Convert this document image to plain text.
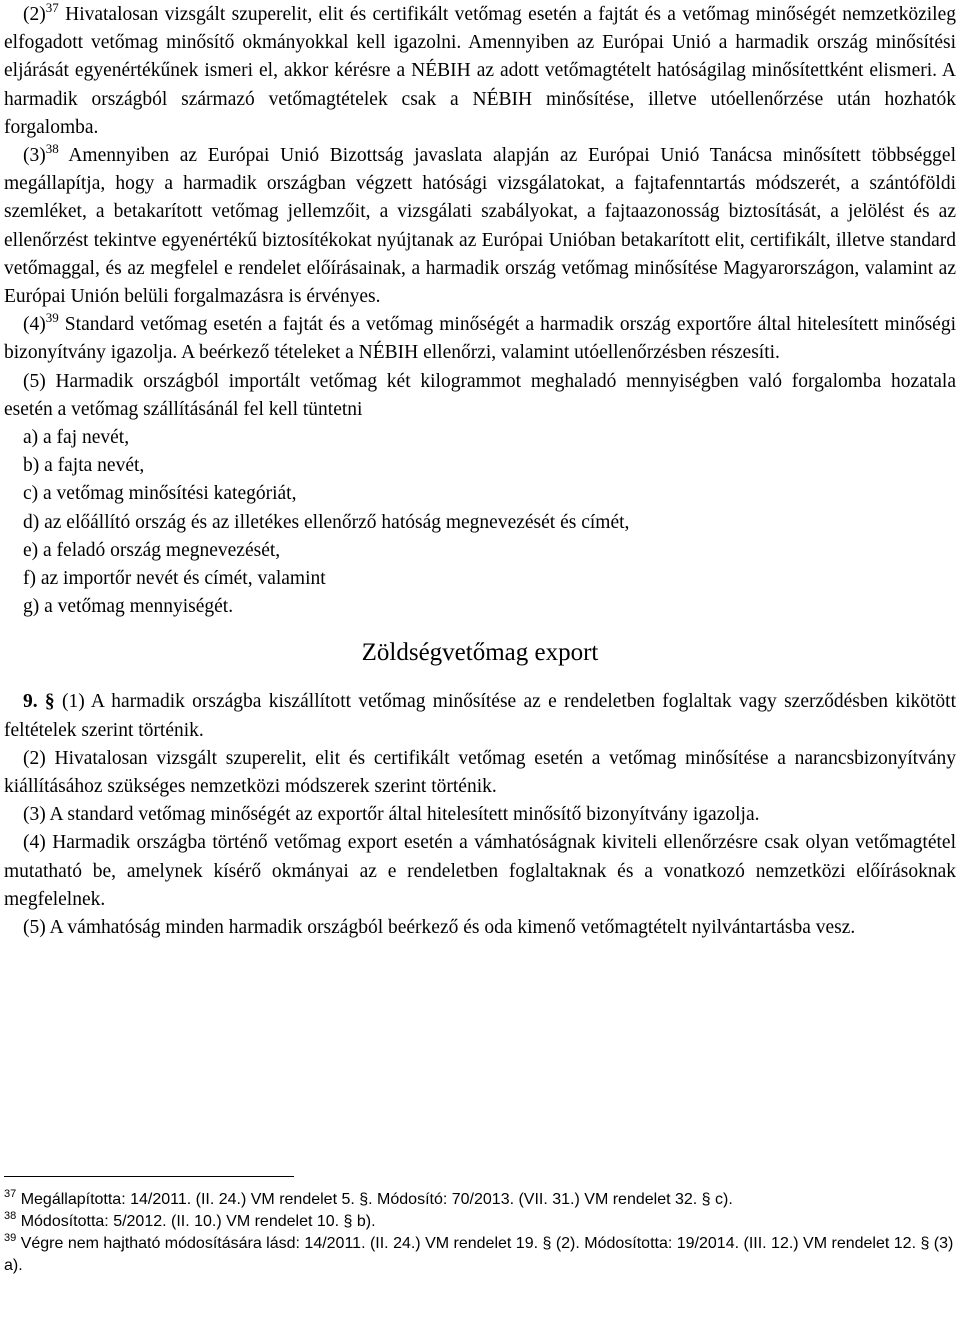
(2)$^{37}$ Hivatalosan vizsgált szuperelit, elit és certifikált vetőmag esetén a fajtát és a vetőmag minőségét nemzetközileg elfogadott vetőmag minősítő okmányokkal kell igazolni. Amennyiben az Európai Unió a harmadik ország minősítési eljárását egyenértékűnek ismeri el, akkor kérésre a NÉBIH az adott vetőmagtételt hatóságilag minősítettként elismeri. A harmadik országból származó vetőmagtételek csak a NÉBIH minősítése, illetve utóellenőrzése után hozhatók forgalomba.

(3)$^{38}$ Amennyiben az Európai Unió Bizottság javaslata alapján az Európai Unió Tanácsa minősített többséggel megállapítja, hogy a harmadik országban végzett hatósági vizsgálatokat, a fajtafenntartás módszerét, a szántóföldi szemléket, a betakarított vetőmag jellemzőit, a vizsgálati szabályokat, a fajtaazonosság biztosítását, a jelölést és az ellenőrzést tekintve egyenértékű biztosítékokat nyújtanak az Európai Unióban betakarított elit, certifikált, illetve standard vetőmaggal, és az megfelel e rendelet előírásainak, a harmadik ország vetőmag minősítése Magyarországon, valamint az Európai Unión belüli forgalmazásra is érvényes.

(4)$^{39}$ Standard vetőmag esetén a fajtát és a vetőmag minőségét a harmadik ország exportőre által hitelesített minőségi bizonyítvány igazolja. A beérkező tételeket a NÉBIH ellenőrzi, valamint utóellenőrzésben részesíti.

(5) Harmadik országból importált vetőmag két kilogrammot meghaladó mennyiségben való forgalomba hozatala esetén a vetőmag szállításánál fel kell tüntetni

a) a faj nevét,
b) a fajta nevét,
c) a vetőmag minősítési kategóriát,
d) az előállító ország és az illetékes ellenőrző hatóság megnevezését és címét,
e) a feladó ország megnevezését,
f) az importőr nevét és címét, valamint
g) a vetőmag mennyiségét.
Zöldségvetőmag export

9. § (1) A harmadik országba kiszállított vetőmag minősítése az e rendeletben foglaltak vagy szerződésben kikötött feltételek szerint történik.

(2) Hivatalosan vizsgált szuperelit, elit és certifikált vetőmag esetén a vetőmag minősítése a narancsbizonyítvány kiállításához szükséges nemzetközi módszerek szerint történik.

(3) A standard vetőmag minőségét az exportőr által hitelesített minősítő bizonyítvány igazolja.

(4) Harmadik országba történő vetőmag export esetén a vámhatóságnak kiviteli ellenőrzésre csak olyan vetőmagtétel mutatható be, amelynek kísérő okmányai az e rendeletben foglaltaknak és a vonatkozó nemzetközi előírásoknak megfelelnek.

(5) A vámhatóság minden harmadik országból beérkező és oda kimenő vetőmagtételt nyilvántartásba vesz.

$^{37}$ Megállapította: 14/2011. (II. 24.) VM rendelet 5. §. Módosító: 70/2013. (VII. 31.) VM rendelet 32. § c).

$^{38}$ Módosította: 5/2012. (II. 10.) VM rendelet 10. § b).

$^{39}$ Végre nem hajtható módosítására lásd: 14/2011. (II. 24.) VM rendelet 19. § (2). Módosította: 19/2014. (III. 12.) VM rendelet 12. § (3) a).
